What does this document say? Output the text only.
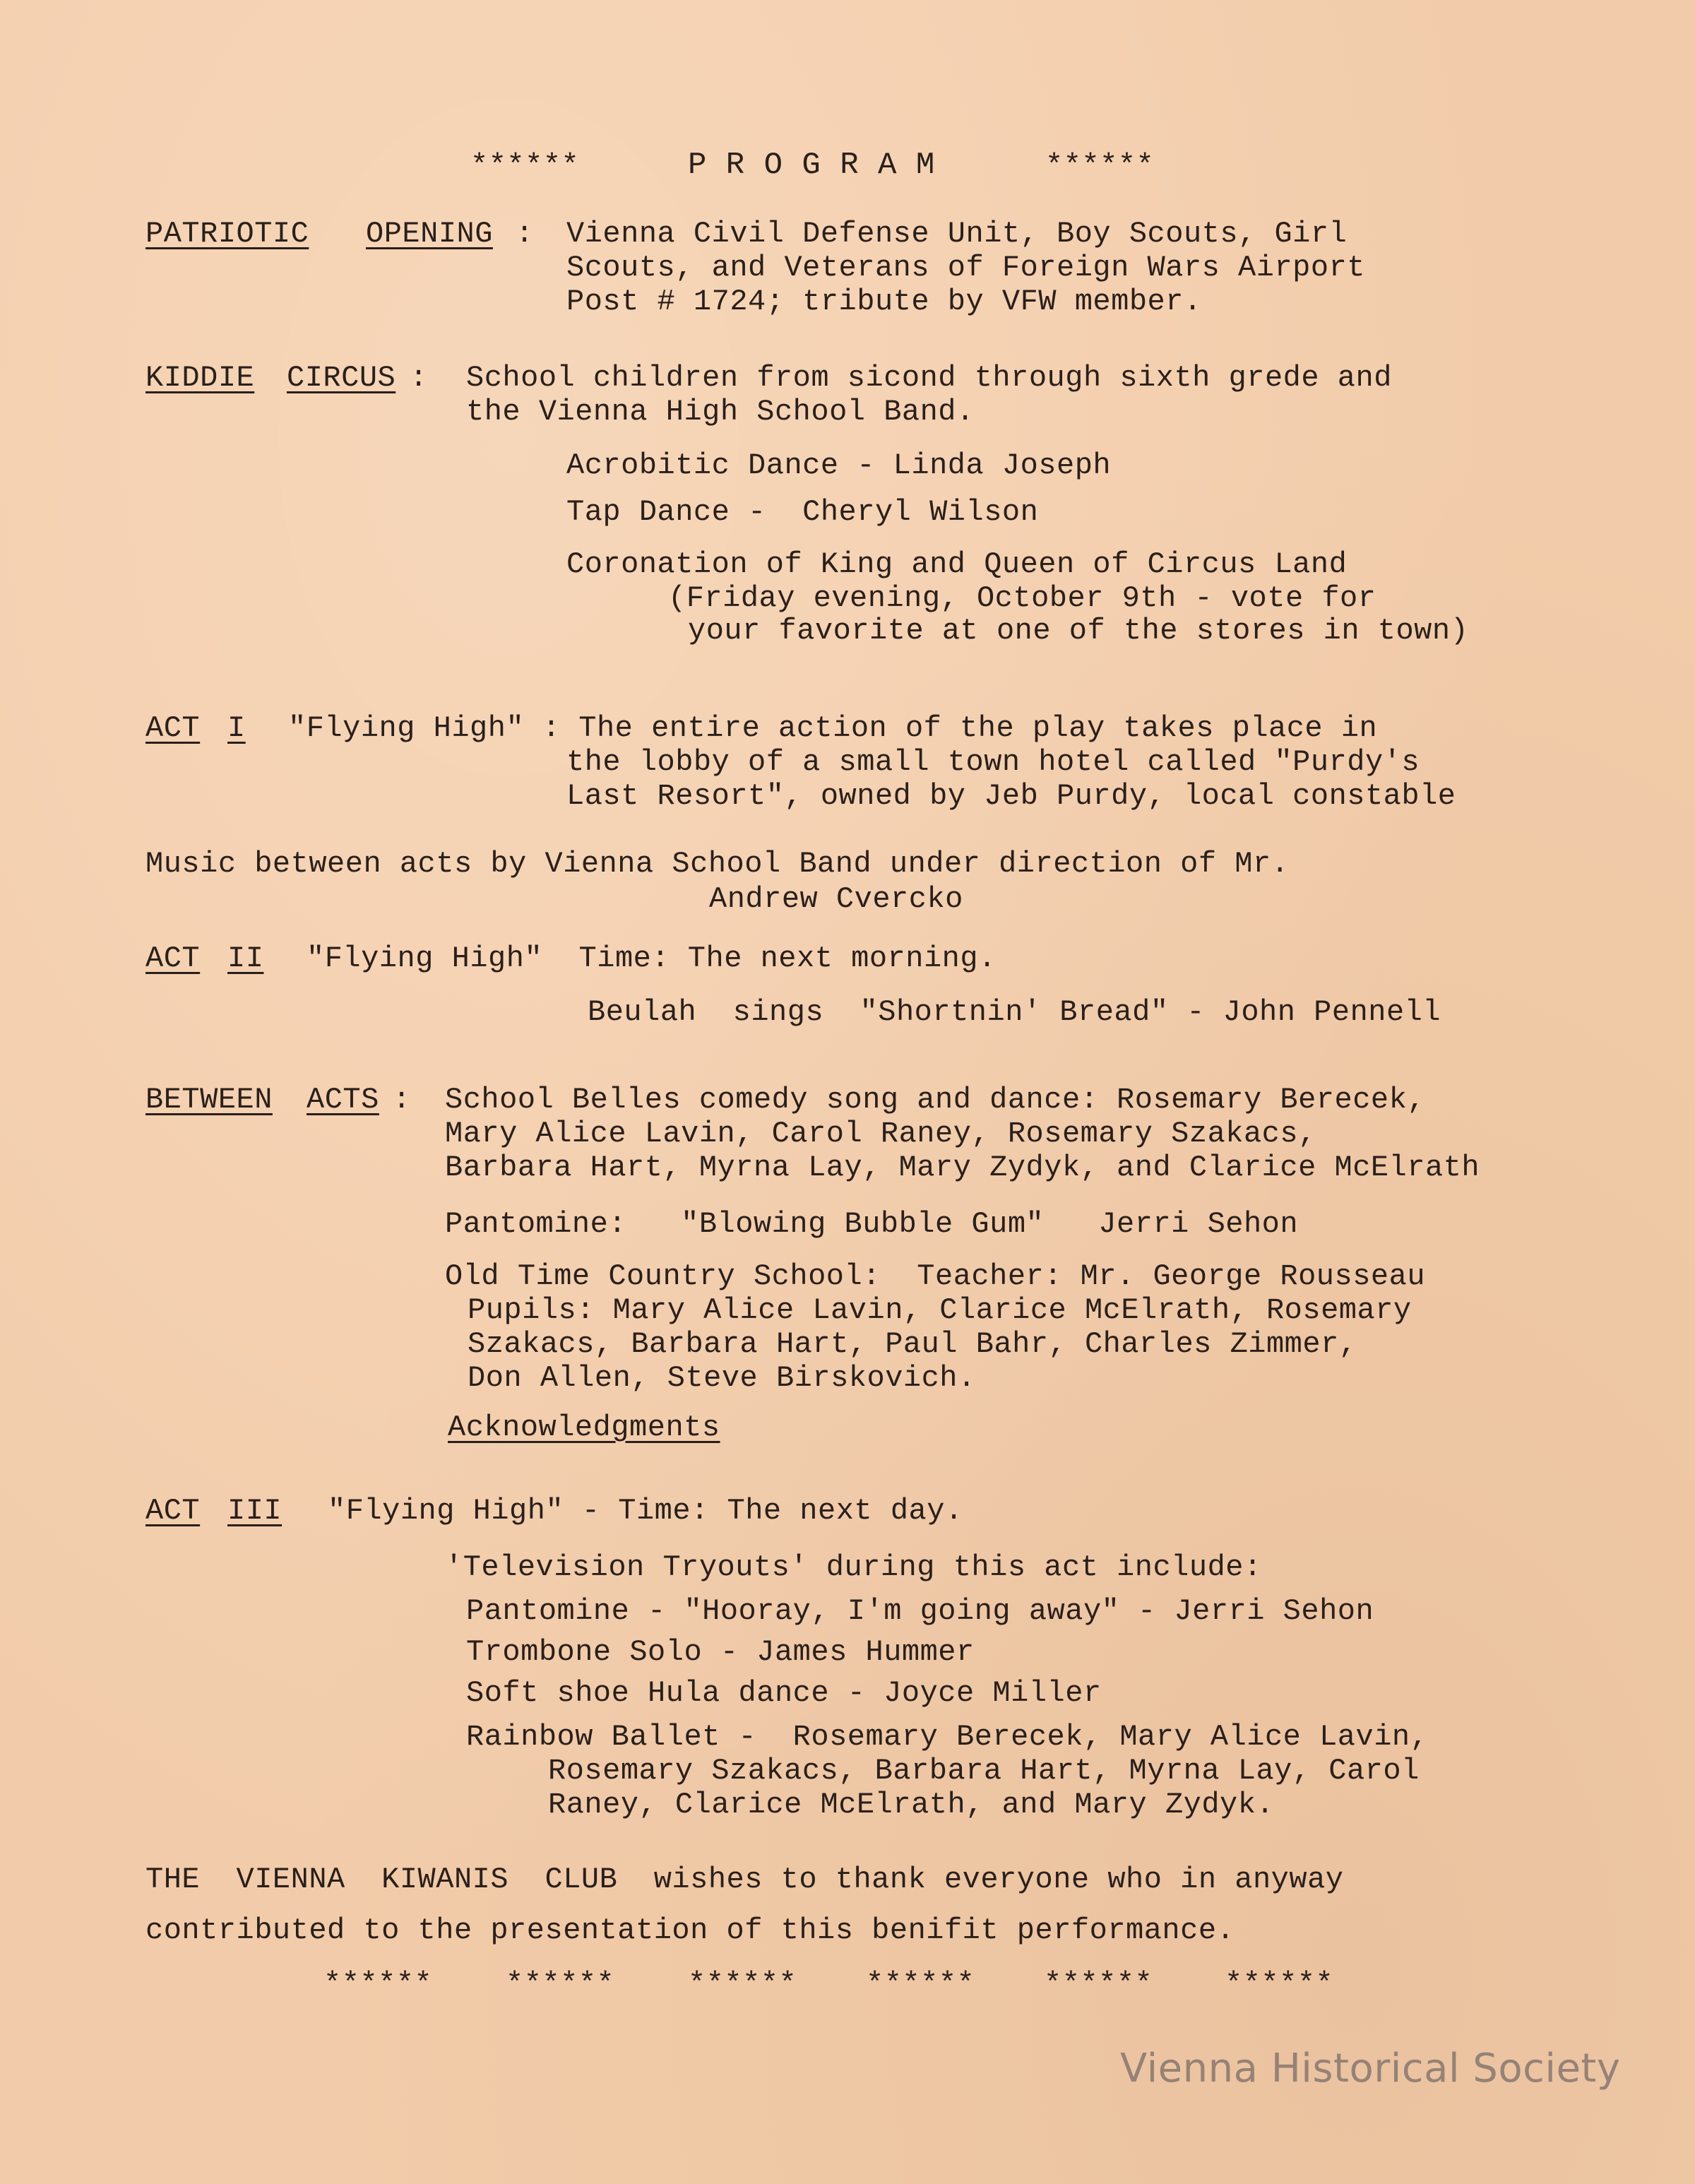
******	P R O G R A M	******
PATRIOTIC OPENING : Vienna Civil Defense Unit, Boy Scouts, Girl
Scouts, and Veterans of Foreign Wars Airport
Post # 1724; tribute by VFW member.
KIDDIE CIRCUS : School children from sicond through sixth grede and
the Vienna High School Band.
Acrobitic Dance - Linda Joseph
Tap Dance -  Cheryl Wilson
Coronation of King and Queen of Circus Land
(Friday evening, October 9th - vote for
your favorite at one of the stores in town)
ACT I "Flying High" : The entire action of the play takes place in
the lobby of a small town hotel called "Purdy's
Last Resort", owned by Jeb Purdy, local constable
Music between acts by Vienna School Band under direction of Mr.
Andrew Cvercko
ACT II "Flying High"  Time: The next morning.
Beulah  sings  "Shortnin' Bread" - John Pennell
BETWEEN ACTS : School Belles comedy song and dance: Rosemary Berecek,
Mary Alice Lavin, Carol Raney, Rosemary Szakacs,
Barbara Hart, Myrna Lay, Mary Zydyk, and Clarice McElrath
Pantomine:   "Blowing Bubble Gum"   Jerri Sehon
Old Time Country School:  Teacher: Mr. George Rousseau
Pupils: Mary Alice Lavin, Clarice McElrath, Rosemary
Szakacs, Barbara Hart, Paul Bahr, Charles Zimmer,
Don Allen, Steve Birskovich.
Acknowledgments
ACT III "Flying High" - Time: The next day.
'Television Tryouts' during this act include:
Pantomine - "Hooray, I'm going away" - Jerri Sehon
Trombone Solo - James Hummer
Soft shoe Hula dance - Joyce Miller
Rainbow Ballet -  Rosemary Berecek, Mary Alice Lavin,
Rosemary Szakacs, Barbara Hart, Myrna Lay, Carol
Raney, Clarice McElrath, and Mary Zydyk.
THE  VIENNA  KIWANIS  CLUB  wishes to thank everyone who in anyway
contributed to the presentation of this benifit performance.
****** ****** ****** ****** ****** ******
Vienna Historical Society
